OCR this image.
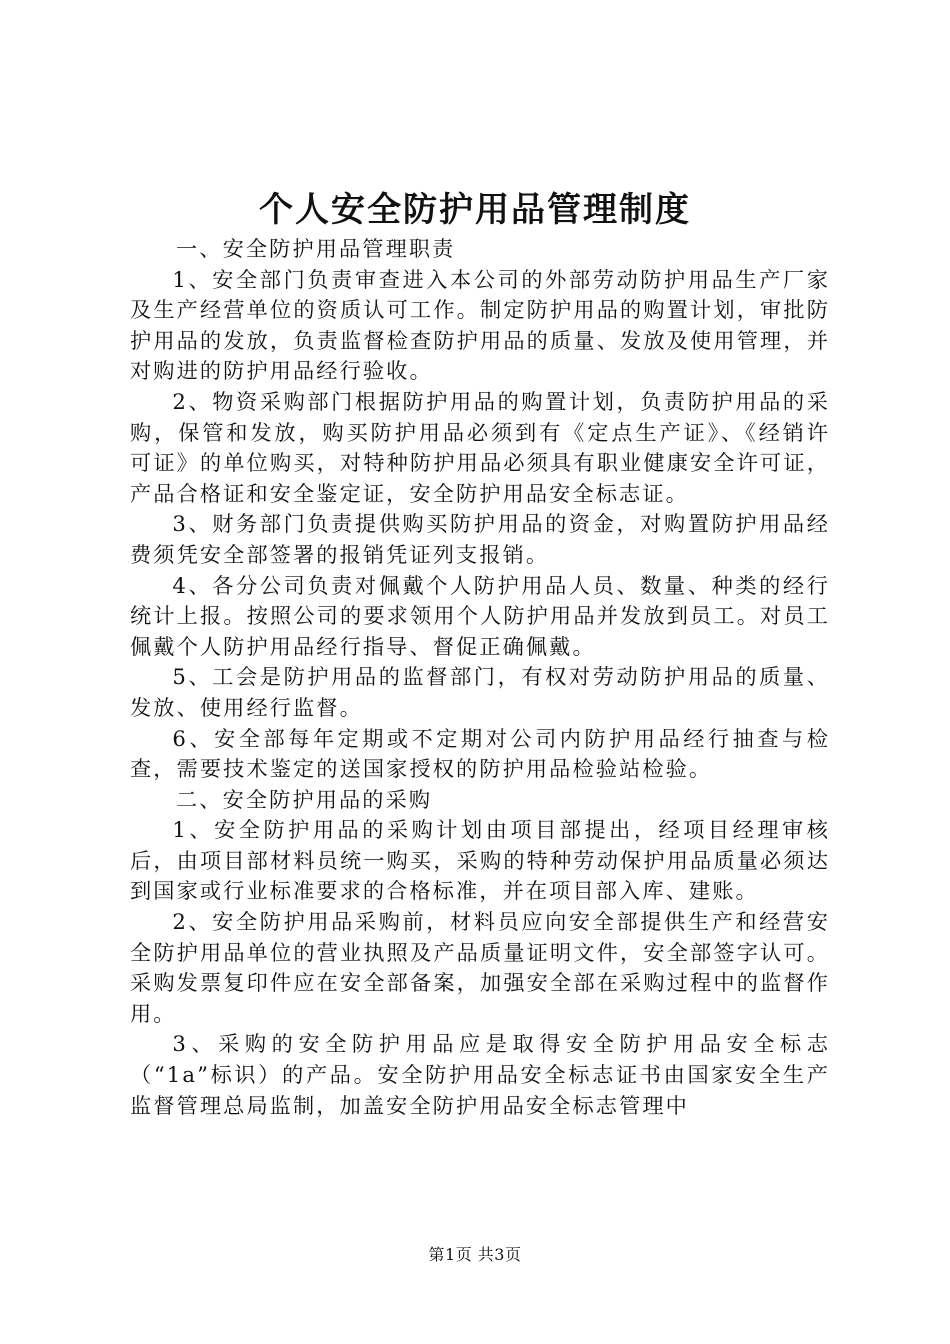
个人安全防护用品管理制度

一、安全防护用品管理职责

1、安全部门负责审查进入本公司的外部劳动防护用品生产厂家及生产经营单位的资质认可工作。制定防护用品的购置计划，审批防护用品的发放，负责监督检查防护用品的质量、发放及使用管理，并对购进的防护用品经行验收。

2、物资采购部门根据防护用品的购置计划，负责防护用品的采购，保管和发放，购买防护用品必须到有《定点生产证》、《经销许可证》的单位购买，对特种防护用品必须具有职业健康安全许可证，产品合格证和安全鉴定证，安全防护用品安全标志证。

3、财务部门负责提供购买防护用品的资金，对购置防护用品经费须凭安全部签署的报销凭证列支报销。

4、各分公司负责对佩戴个人防护用品人员、数量、种类的经行统计上报。按照公司的要求领用个人防护用品并发放到员工。对员工佩戴个人防护用品经行指导、督促正确佩戴。

5、工会是防护用品的监督部门，有权对劳动防护用品的质量、发放、使用经行监督。

6、安全部每年定期或不定期对公司内防护用品经行抽查与检查，需要技术鉴定的送国家授权的防护用品检验站检验。

二、安全防护用品的采购

1、安全防护用品的采购计划由项目部提出，经项目经理审核后，由项目部材料员统一购买，采购的特种劳动保护用品质量必须达到国家或行业标准要求的合格标准，并在项目部入库、建账。

2、安全防护用品采购前，材料员应向安全部提供生产和经营安全防护用品单位的营业执照及产品质量证明文件，安全部签字认可。采购发票复印件应在安全部备案，加强安全部在采购过程中的监督作用。

3、采购的安全防护用品应是取得安全防护用品安全标志（“1a”标识）的产品。安全防护用品安全标志证书由国家安全生产监督管理总局监制，加盖安全防护用品安全标志管理中

第1页 共3页
